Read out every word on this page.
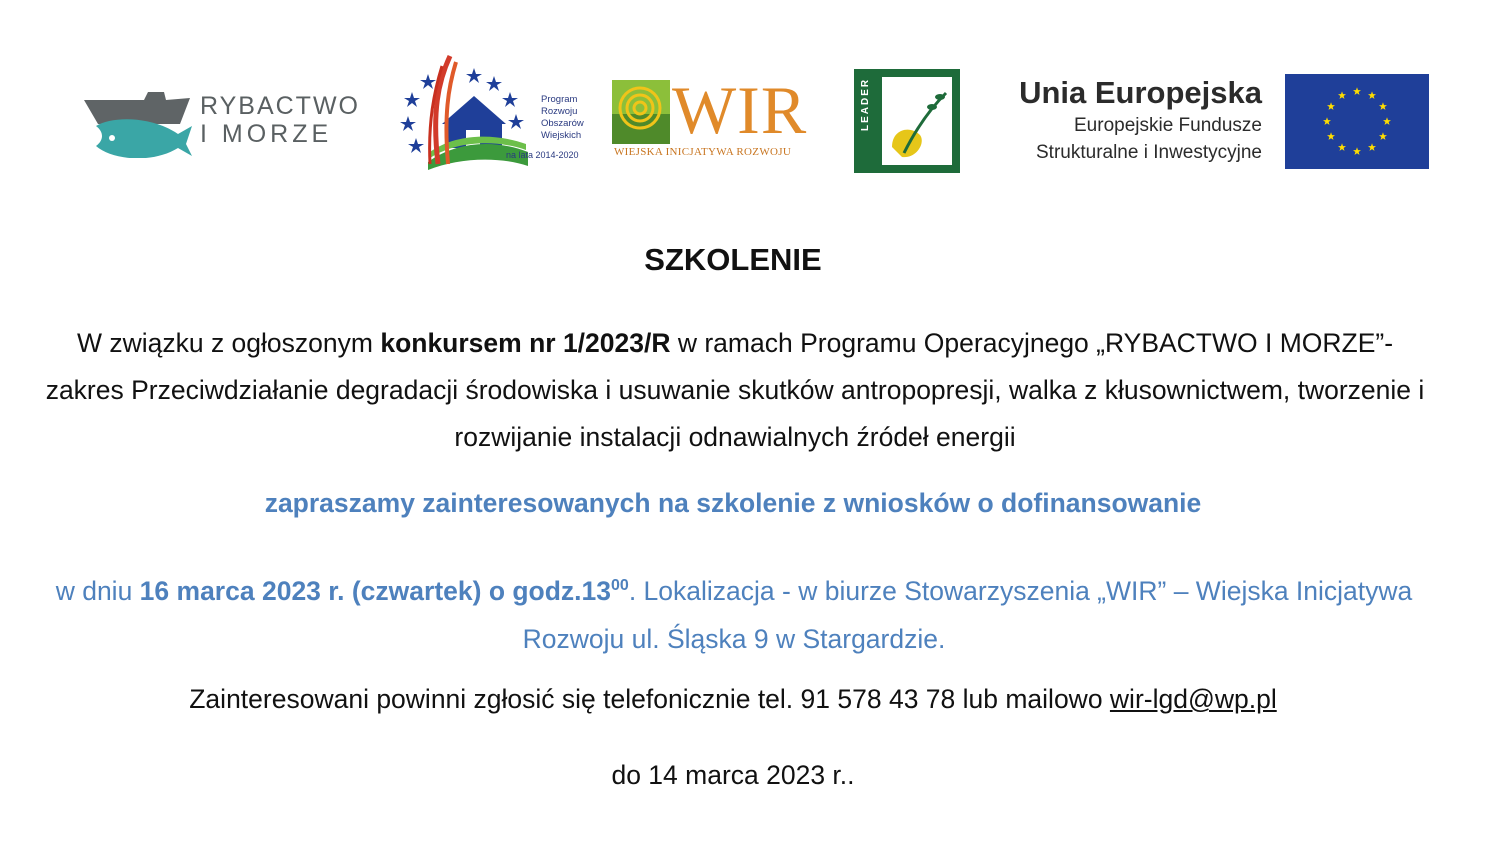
RYBACTWO
I MORZE
Program
Rozwoju
Obszarów
Wiejskich
na lata 2014-2020
WIR
WIEJSKA INICJATYWA ROZWOJU
LEADER	Unia Europejska
Europejskie Fundusze
Strukturalne i Inwestycyjne
SZKOLENIE
W związku z ogłoszonym konkursem nr 1/2023/R w ramach Programu Operacyjnego „RYBACTWO I MORZE”- zakres Przeciwdziałanie degradacji środowiska i usuwanie skutków antropopresji, walka z kłusownictwem, tworzenie i rozwijanie instalacji odnawialnych źródeł energii
zapraszamy zainteresowanych na szkolenie z wniosków o dofinansowanie
w dniu 16 marca 2023 r. (czwartek) o $godz.13^{00}$. Lokalizacja - w biurze Stowarzyszenia „WIR” – Wiejska Inicjatywa Rozwoju ul. Śląska 9 w Stargardzie.
Zainteresowani powinni zgłosić się telefonicznie tel. 91 578 43 78 lub mailowo wir-lgd@wp.pl
do 14 marca 2023 r..
